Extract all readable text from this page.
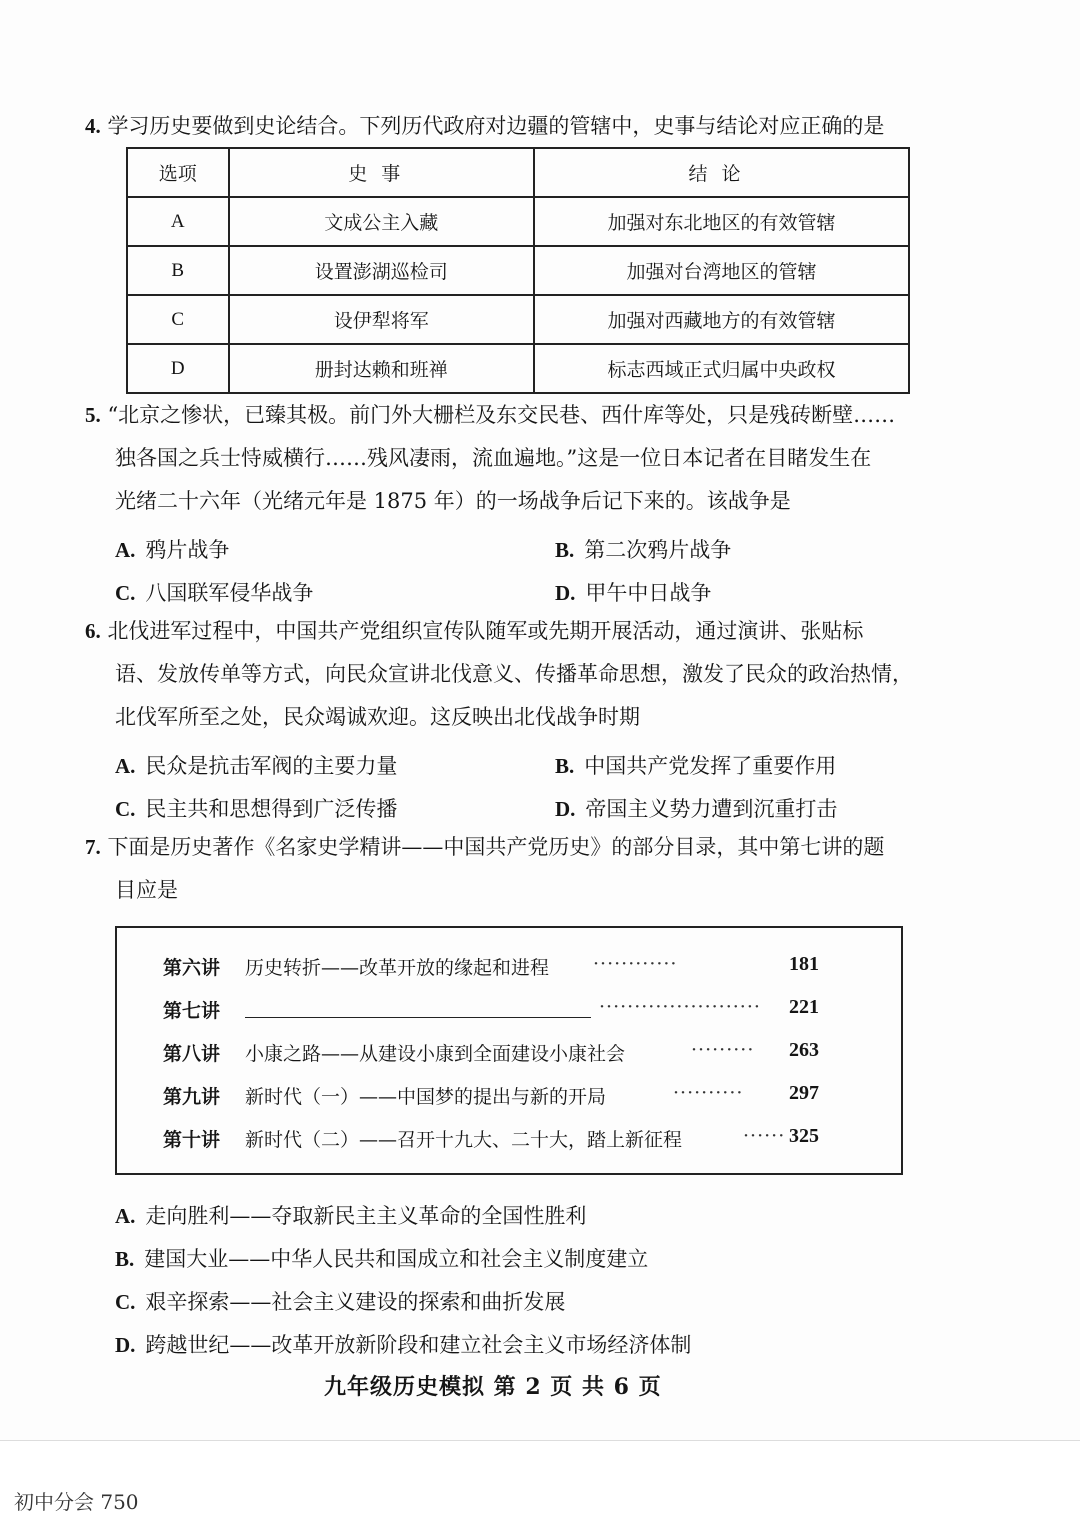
4. 学习历史要做到史论结合。下列历代政府对边疆的管辖中，史事与结论对应正确的是
选项	史事	结论
A	文成公主入藏	加强对东北地区的有效管辖
B	设置澎湖巡检司	加强对台湾地区的管辖
C	设伊犁将军	加强对西藏地方的有效管辖
D	册封达赖和班禅	标志西域正式归属中央政权
5. “北京之惨状，已臻其极。前门外大栅栏及东交民巷、西什库等处，只是残砖断壁……
独各国之兵士恃威横行……残风凄雨，流血遍地。”这是一位日本记者在目睹发生在
光绪二十六年（光绪元年是 1875 年）的一场战争后记下来的。该战争是
A. 鸦片战争	B. 第二次鸦片战争
C. 八国联军侵华战争	D. 甲午中日战争
6. 北伐进军过程中，中国共产党组织宣传队随军或先期开展活动，通过演讲、张贴标
语、发放传单等方式，向民众宣讲北伐意义、传播革命思想，激发了民众的政治热情，
北伐军所至之处，民众竭诚欢迎。这反映出北伐战争时期
A. 民众是抗击军阀的主要力量	B. 中国共产党发挥了重要作用
C. 民主共和思想得到广泛传播	D. 帝国主义势力遭到沉重打击
7. 下面是历史著作《名家史学精讲——中国共产党历史》的部分目录，其中第七讲的题
目应是
第六讲 历史转折——改革开放的缘起和进程 ············	181
第七讲	······················· 221
第八讲 小康之路——从建设小康到全面建设小康社会	········· 263
第九讲 新时代（一）——中国梦的提出与新的开局	·········· 297
第十讲 新时代（二）——召开十九大、二十大，踏上新征程	······ 325
A. 走向胜利——夺取新民主主义革命的全国性胜利
B. 建国大业——中华人民共和国成立和社会主义制度建立
C. 艰辛探索——社会主义建设的探索和曲折发展
D. 跨越世纪——改革开放新阶段和建立社会主义市场经济体制
九年级历史模拟 第 2 页 共 6 页
初中分会 750
